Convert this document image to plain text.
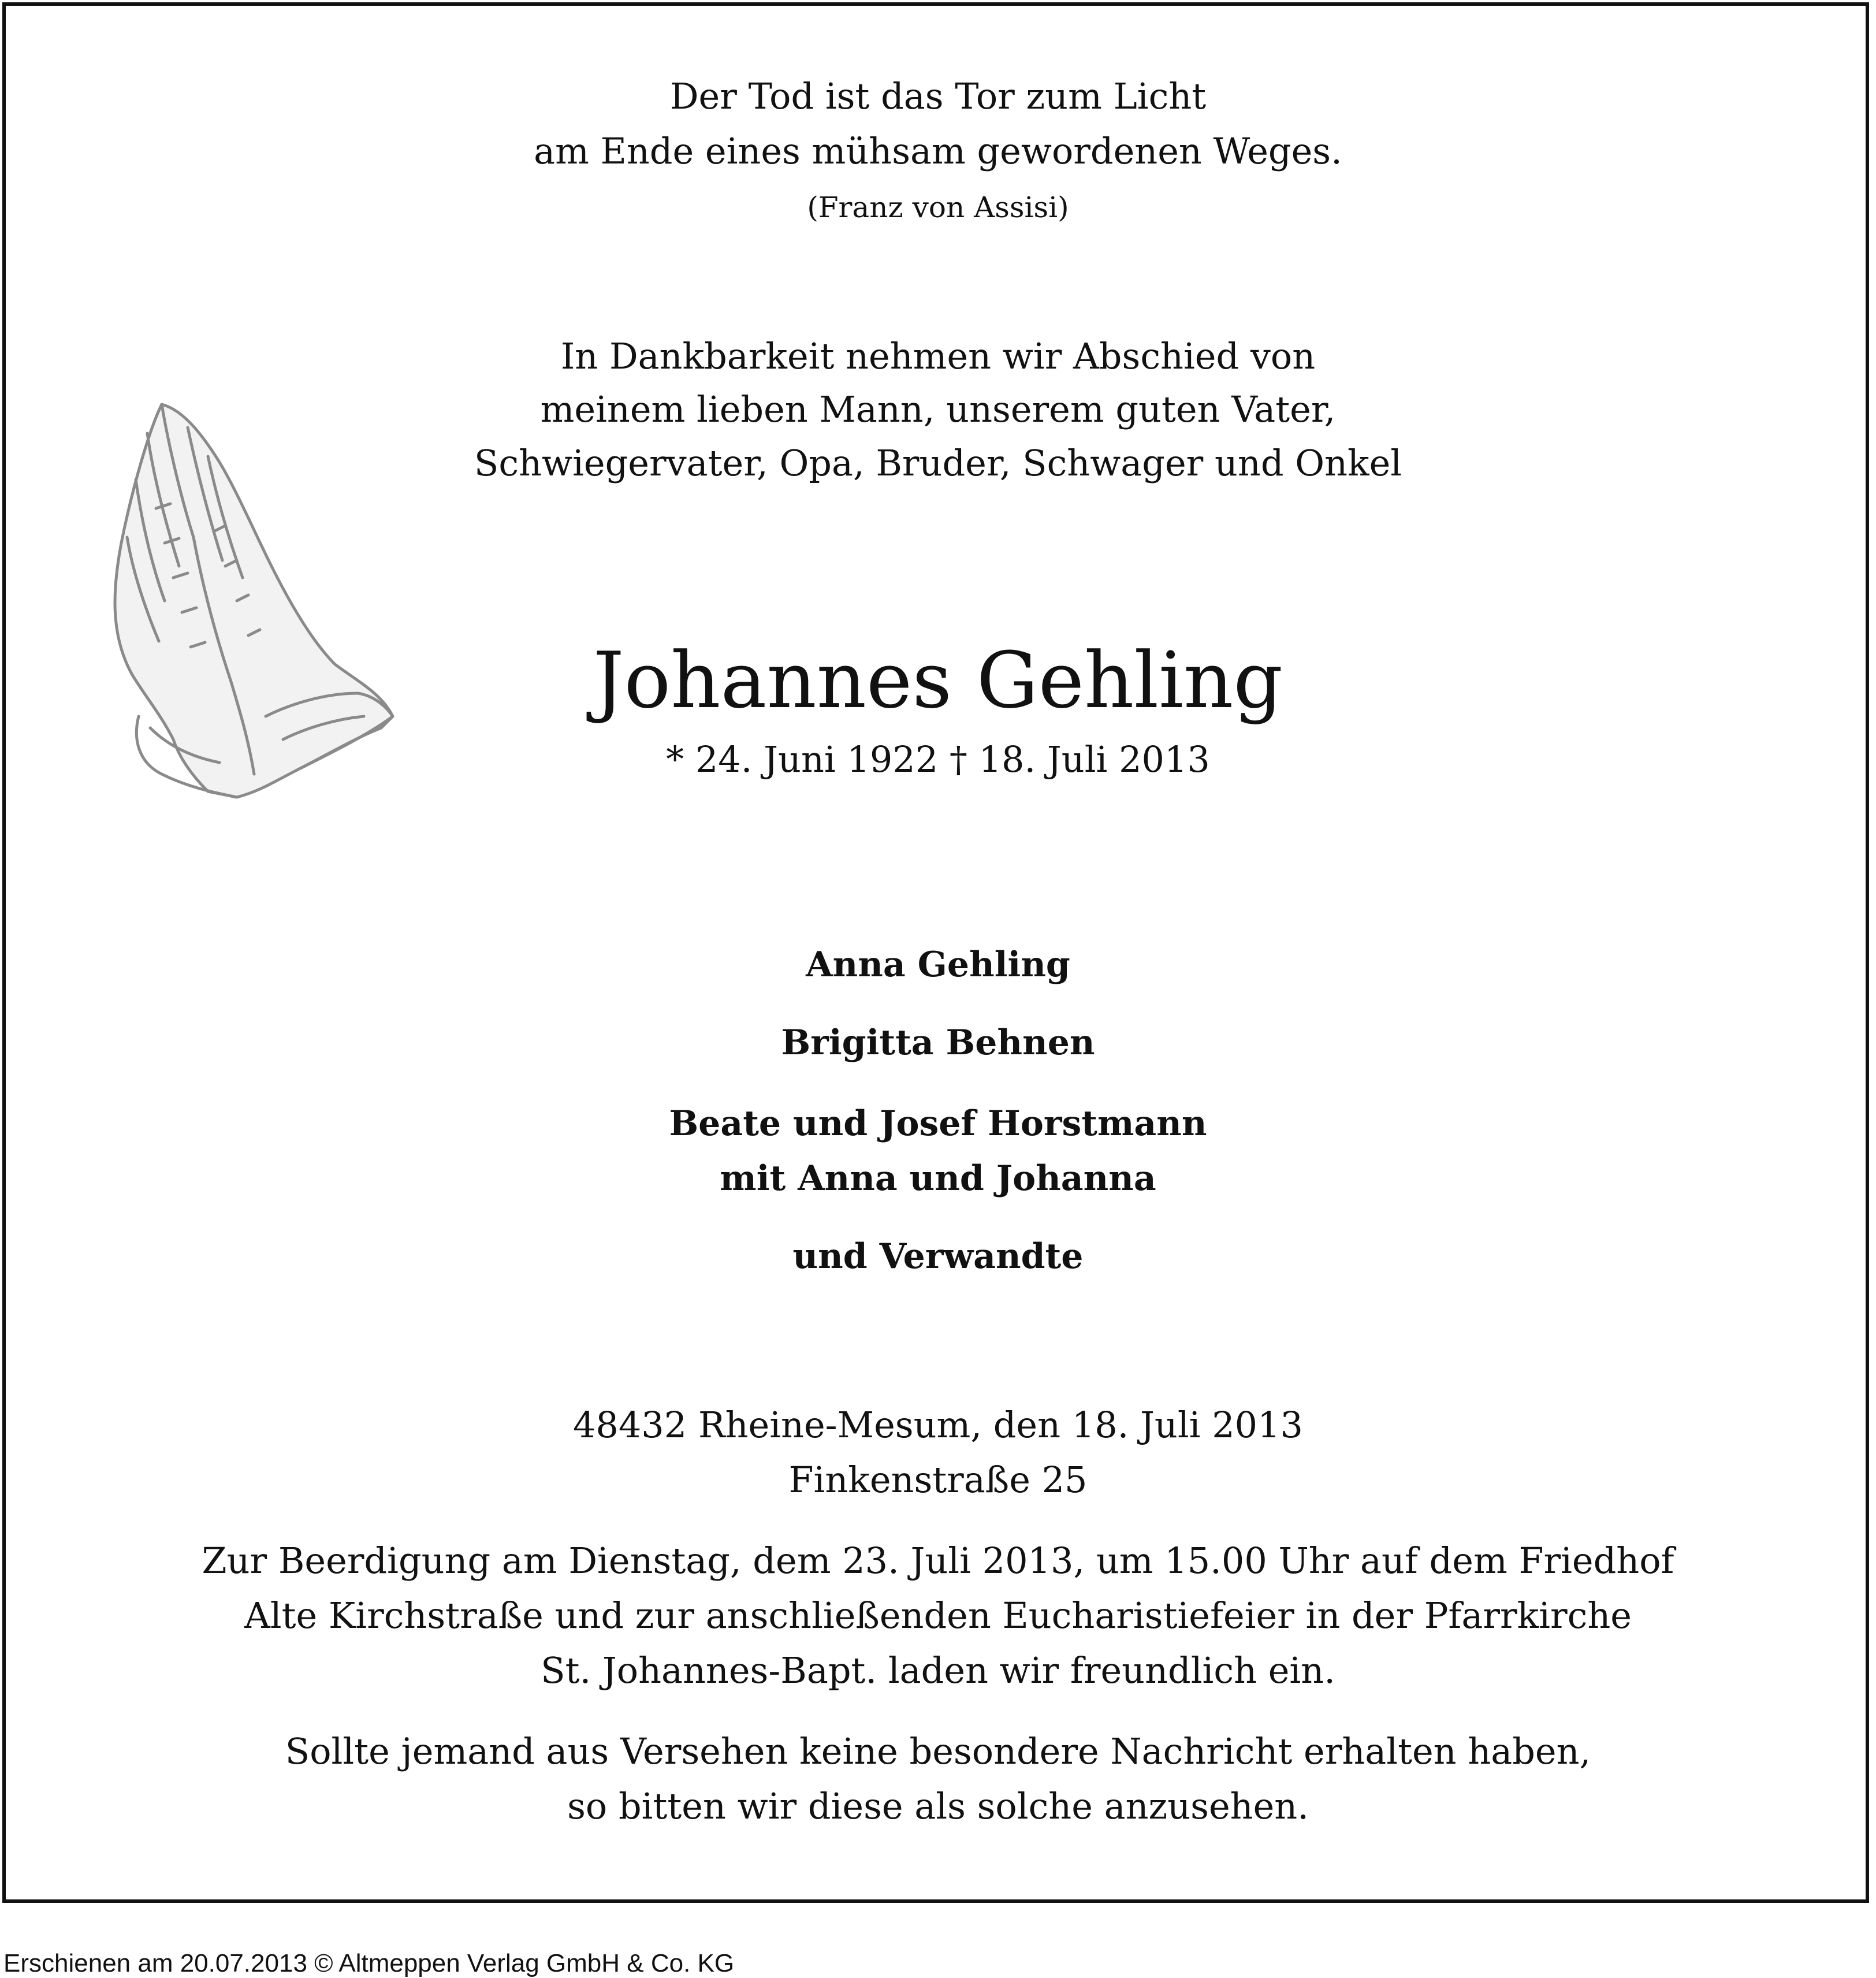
Der Tod ist das Tor zum Licht
am Ende eines mühsam gewordenen Weges.
(Franz von Assisi)
In Dankbarkeit nehmen wir Abschied von
meinem lieben Mann, unserem guten Vater,
Schwiegervater, Opa, Bruder, Schwager und Onkel
Johannes Gehling
* 24. Juni 1922 † 18. Juli 2013
Anna Gehling
Brigitta Behnen
Beate und Josef Horstmann
mit Anna und Johanna
und Verwandte
48432 Rheine-Mesum, den 18. Juli 2013
Finkenstraße 25
Zur Beerdigung am Dienstag, dem 23. Juli 2013, um 15.00 Uhr auf dem Friedhof
Alte Kirchstraße und zur anschließenden Eucharistiefeier in der Pfarrkirche
St. Johannes-Bapt. laden wir freundlich ein.
Sollte jemand aus Versehen keine besondere Nachricht erhalten haben,
so bitten wir diese als solche anzusehen.
Erschienen am 20.07.2013 © Altmeppen Verlag GmbH & Co. KG
